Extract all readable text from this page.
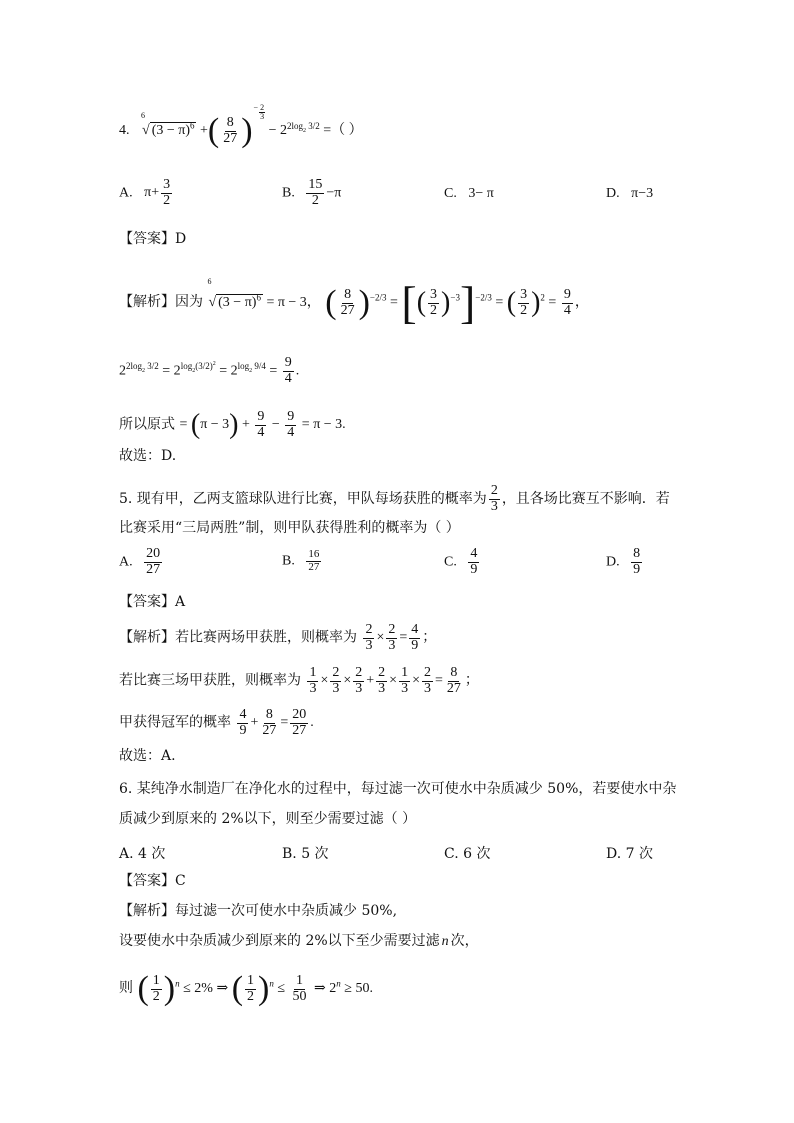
4. $^6$√ $(3 - \pi)^6$ +( $\frac{8}{27}$ )
− $\frac{2}{3}$
− $2^{2log_2 3/2}$ =（ ）
A. $\pi+ \frac{3}{2}$	B. $\frac{15}{2} -\pi$	C. 3− π	D. π−3
【答案】D
【解析】因为 $^6$√ $(3 - \pi)^6 = \pi - 3$， ( $\frac{8}{27} )^{-2/3}$ = [( $\frac{3}{2} )^{-3}]^{-2/3}$ = ( $\frac{3}{2} )^2 = \frac{9}{4}$ ，
$2^{2log_2 3/2} = 2^{log_2(3/2)^2} = 2^{log_2 9/4} = \frac{9}{4}$ .
所以原式 = $(\pi - 3) + \frac{9}{4} - \frac{9}{4} = \pi - 3$.
故选：D.
5. 现有甲，乙两支篮球队进行比赛，甲队每场获胜的概率为 $\frac{2}{3}$ ，且各场比赛互不影响．若
比赛采用“三局两胜”制，则甲队获得胜利的概率为（ ）
A. $\frac{20}{27}$	B. $\frac{16}{27}$	C. $\frac{4}{9}$	D. $\frac{8}{9}$
【答案】A
【解析】若比赛两场甲获胜，则概率为 $\frac{2}{3} \times \frac{2}{3} = \frac{4}{9}$ ；
若比赛三场甲获胜，则概率为 $\frac{1}{3} \times \frac{2}{3} \times \frac{2}{3} + \frac{2}{3} \times \frac{1}{3} \times \frac{2}{3} = \frac{8}{27}$ ；
甲获得冠军的概率 $\frac{4}{9} + \frac{8}{27} = \frac{20}{27}$ .
故选：A.
6. 某纯净水制造厂在净化水的过程中，每过滤一次可使水中杂质减少 50%，若要使水中杂
质减少到原来的 2%以下，则至少需要过滤（ ）
A. 4 次	B. 5 次	C. 6 次	D. 7 次
【答案】C
【解析】每过滤一次可使水中杂质减少 50%,
设要使水中杂质减少到原来的 2%以下至少需要过滤 n 次，
则 ( $\frac{1}{2} )^n \le 2\%$ ⇒ ( $\frac{1}{2} )^n \le \frac{1}{50}$ ⇒ $2^n \ge 50$.
